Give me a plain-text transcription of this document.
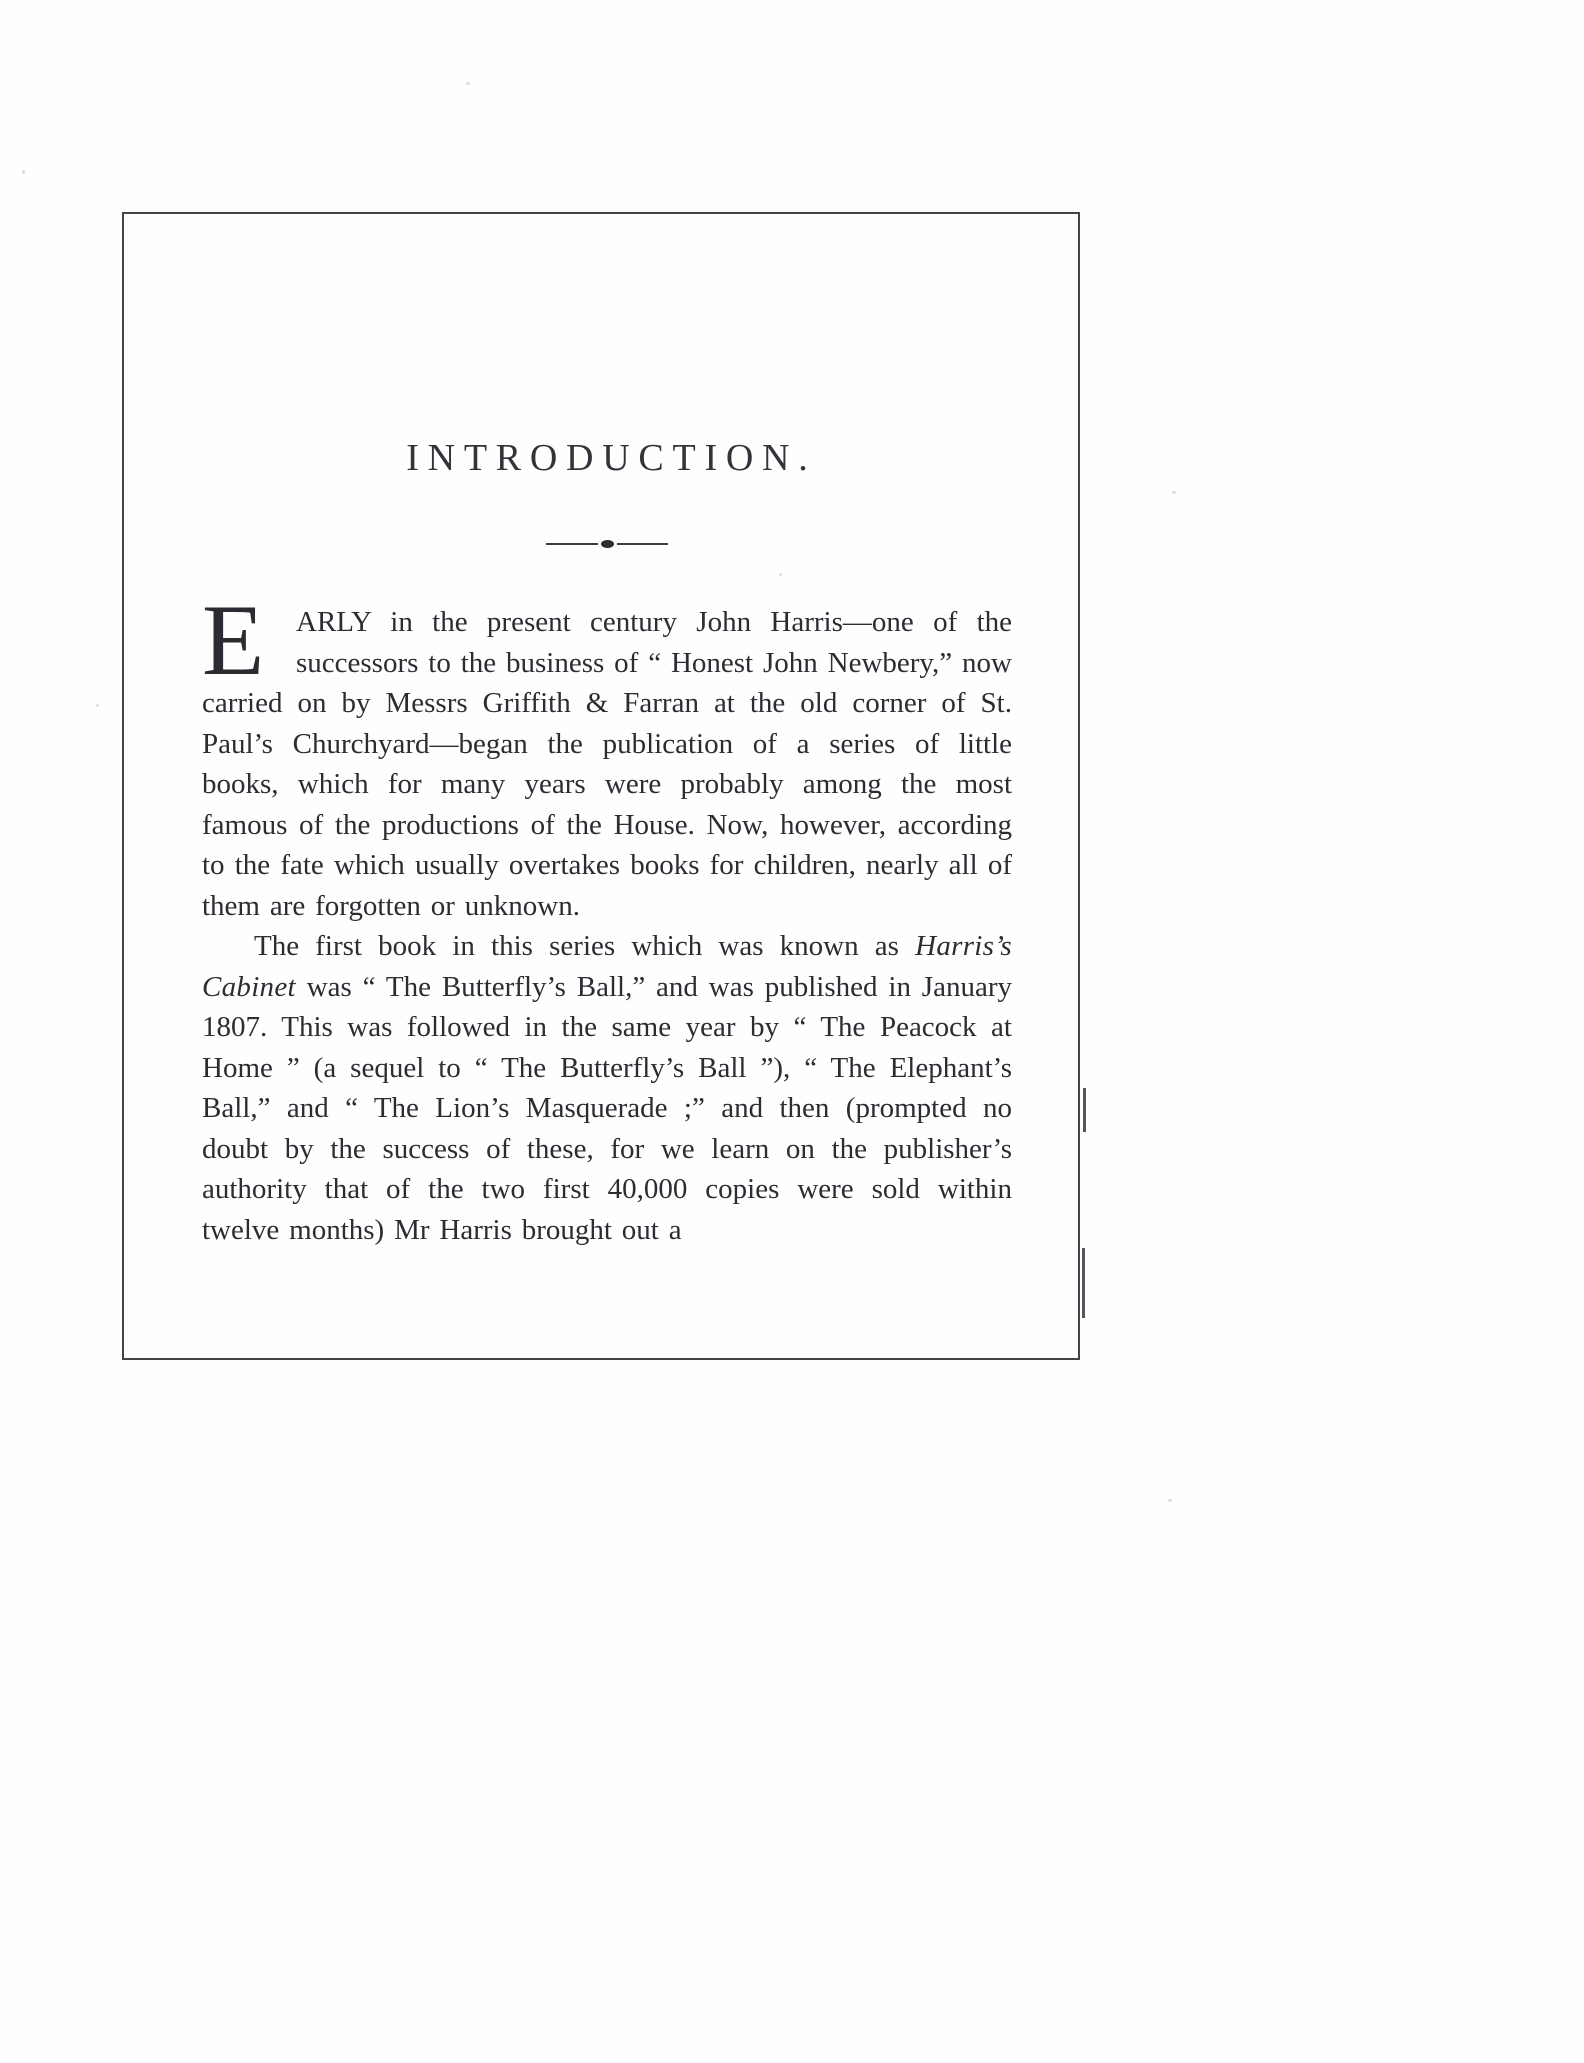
INTRODUCTION.

E	ARLY in the present century John Harris—one of the successors to the business of “ Honest John Newbery,” now carried on by Messrs Griffith & Farran at the old corner of St. Paul’s Churchyard—began the publication of a series of little books, which for many years were probably among the most famous of the productions of the House. Now, however, according to the fate which usually overtakes books for children, nearly all of them are forgotten or unknown.

The first book in this series which was known as Harris’s Cabinet was “ The Butterfly’s Ball,” and was published in January 1807. This was followed in the same year by “ The Peacock at Home ” (a sequel to “ The Butterfly’s Ball ”), “ The Elephant’s Ball,” and “ The Lion’s Masquerade ;” and then (prompted no doubt by the success of these, for we learn on the publisher’s authority that of the two first 40,000 copies were sold within twelve months) Mr Harris brought out a
